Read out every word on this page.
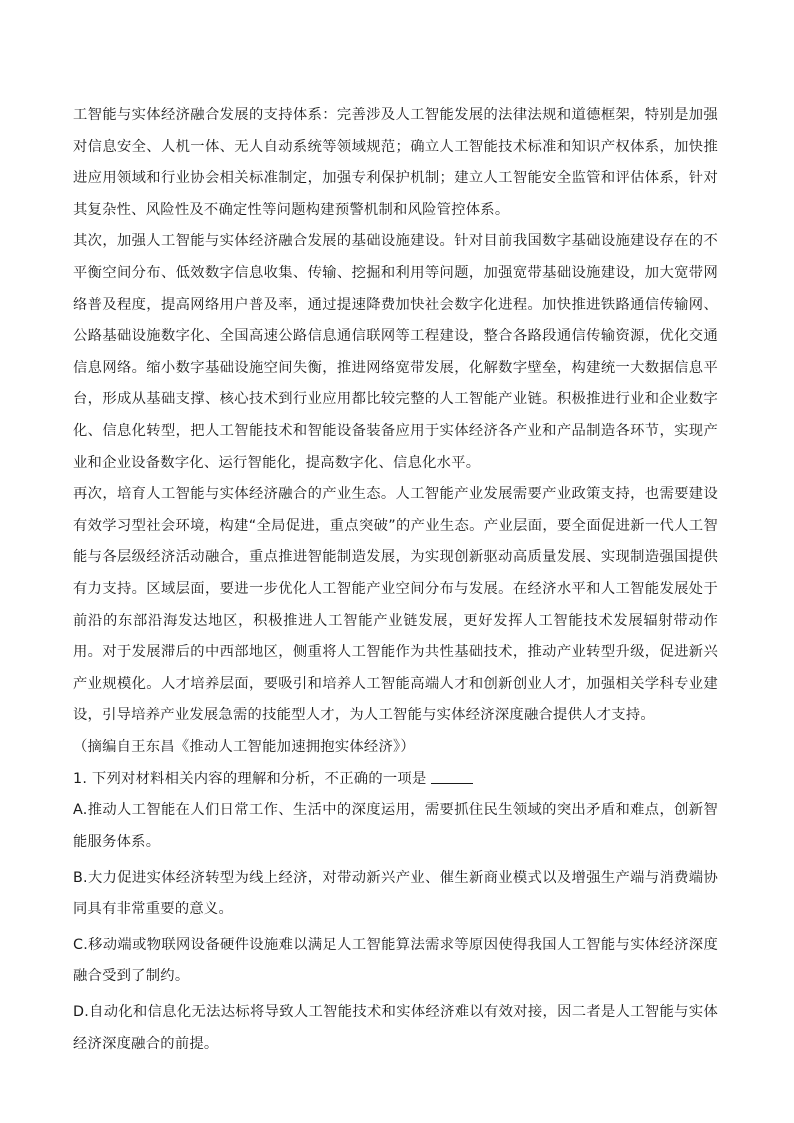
工智能与实体经济融合发展的支持体系：完善涉及人工智能发展的法律法规和道德框架，特别是加强对信息安全、人机一体、无人自动系统等领域规范；确立人工智能技术标准和知识产权体系，加快推进应用领域和行业协会相关标准制定，加强专利保护机制；建立人工智能安全监管和评估体系，针对其复杂性、风险性及不确定性等问题构建预警机制和风险管控体系。

其次，加强人工智能与实体经济融合发展的基础设施建设。针对目前我国数字基础设施建设存在的不平衡空间分布、低效数字信息收集、传输、挖掘和利用等问题，加强宽带基础设施建设，加大宽带网络普及程度，提高网络用户普及率，通过提速降费加快社会数字化进程。加快推进铁路通信传输网、公路基础设施数字化、全国高速公路信息通信联网等工程建设，整合各路段通信传输资源，优化交通信息网络。缩小数字基础设施空间失衡，推进网络宽带发展，化解数字壁垒，构建统一大数据信息平台，形成从基础支撑、核心技术到行业应用都比较完整的人工智能产业链。积极推进行业和企业数字化、信息化转型，把人工智能技术和智能设备装备应用于实体经济各产业和产品制造各环节，实现产业和企业设备数字化、运行智能化，提高数字化、信息化水平。

再次，培育人工智能与实体经济融合的产业生态。人工智能产业发展需要产业政策支持，也需要建设有效学习型社会环境，构建“全局促进，重点突破”的产业生态。产业层面，要全面促进新一代人工智能与各层级经济活动融合，重点推进智能制造发展，为实现创新驱动高质量发展、实现制造强国提供有力支持。区域层面，要进一步优化人工智能产业空间分布与发展。在经济水平和人工智能发展处于前沿的东部沿海发达地区，积极推进人工智能产业链发展，更好发挥人工智能技术发展辐射带动作用。对于发展滞后的中西部地区，侧重将人工智能作为共性基础技术，推动产业转型升级，促进新兴产业规模化。人才培养层面，要吸引和培养人工智能高端人才和创新创业人才，加强相关学科专业建设，引导培养产业发展急需的技能型人才，为人工智能与实体经济深度融合提供人才支持。

（摘编自王东昌《推动人工智能加速拥抱实体经济》）

1. 下列对材料相关内容的理解和分析，不正确的一项是

A.推动人工智能在人们日常工作、生活中的深度运用，需要抓住民生领域的突出矛盾和难点，创新智能服务体系。

B.大力促进实体经济转型为线上经济，对带动新兴产业、催生新商业模式以及增强生产端与消费端协同具有非常重要的意义。

C.移动端或物联网设备硬件设施难以满足人工智能算法需求等原因使得我国人工智能与实体经济深度融合受到了制约。

D.自动化和信息化无法达标将导致人工智能技术和实体经济难以有效对接，因二者是人工智能与实体经济深度融合的前提。
